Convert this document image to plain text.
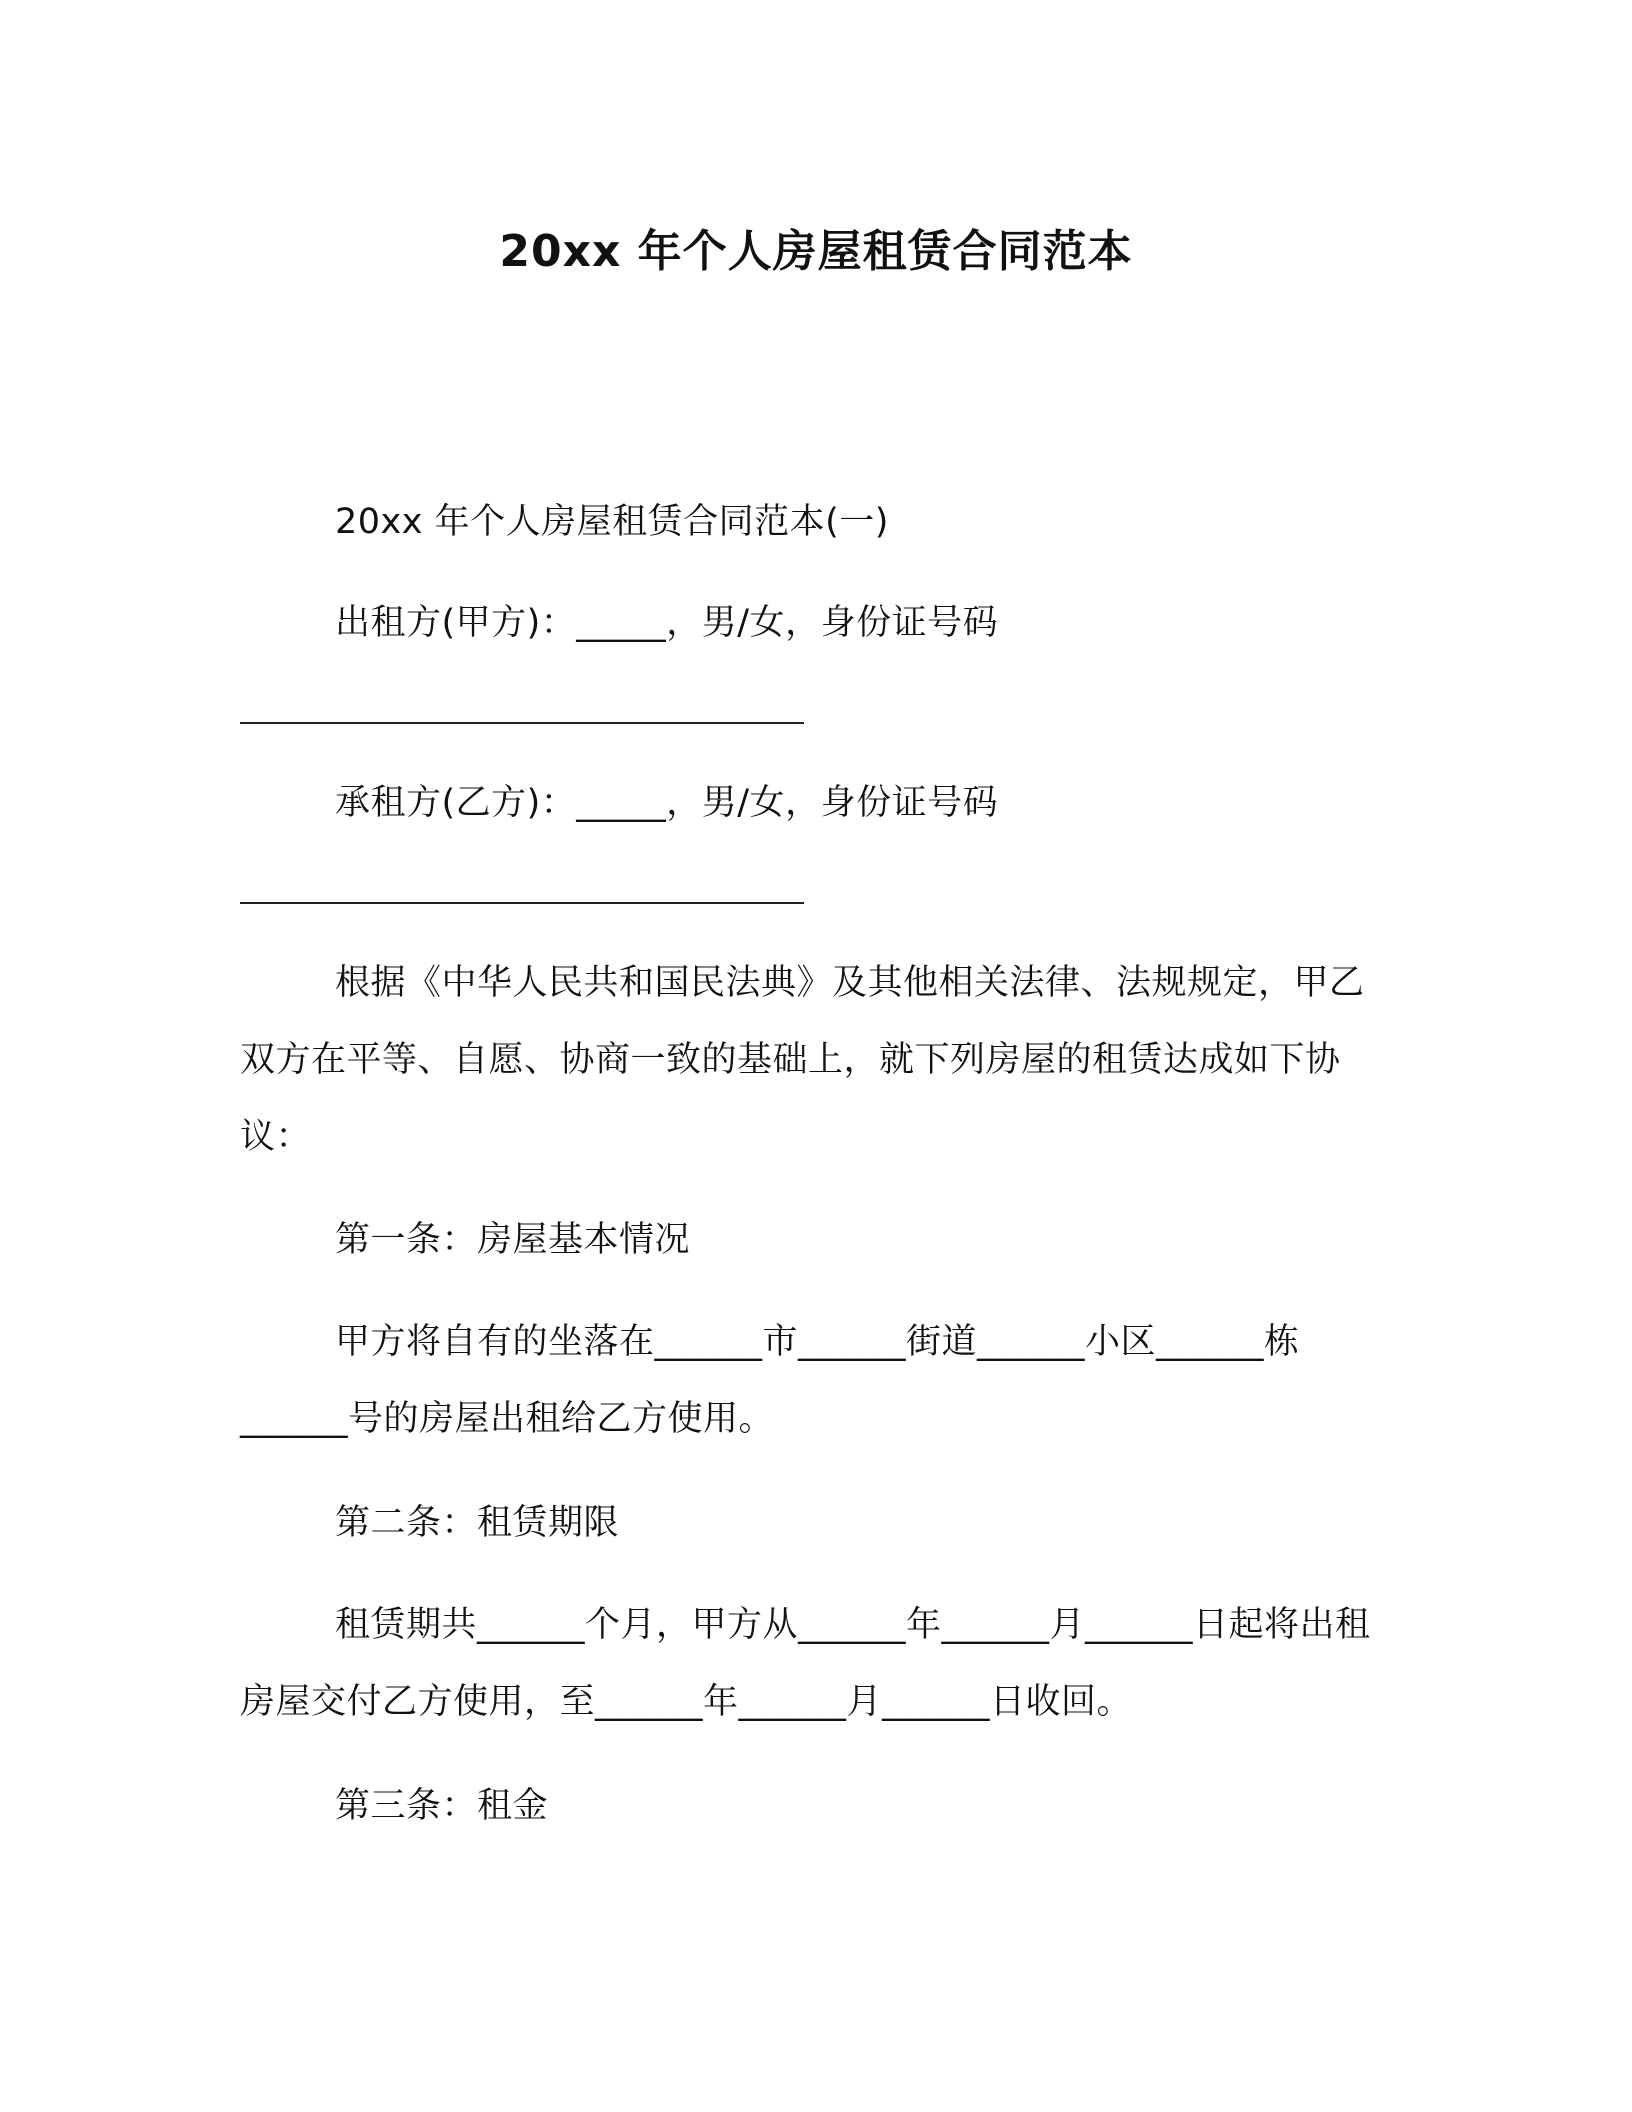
20xx 年个人房屋租赁合同范本

20xx 年个人房屋租赁合同范本(一)

出租方(甲方)：_____，男/女，身份证号码

承租方(乙方)：_____，男/女，身份证号码

根据《中华人民共和国民法典》及其他相关法律、法规规定，甲乙双方在平等、自愿、协商一致的基础上，就下列房屋的租赁达成如下协议：

第一条：房屋基本情况

甲方将自有的坐落在______市______街道______小区______栋______号的房屋出租给乙方使用。

第二条：租赁期限

租赁期共______个月，甲方从______年______月______日起将出租房屋交付乙方使用，至______年______月______日收回。

第三条：租金
